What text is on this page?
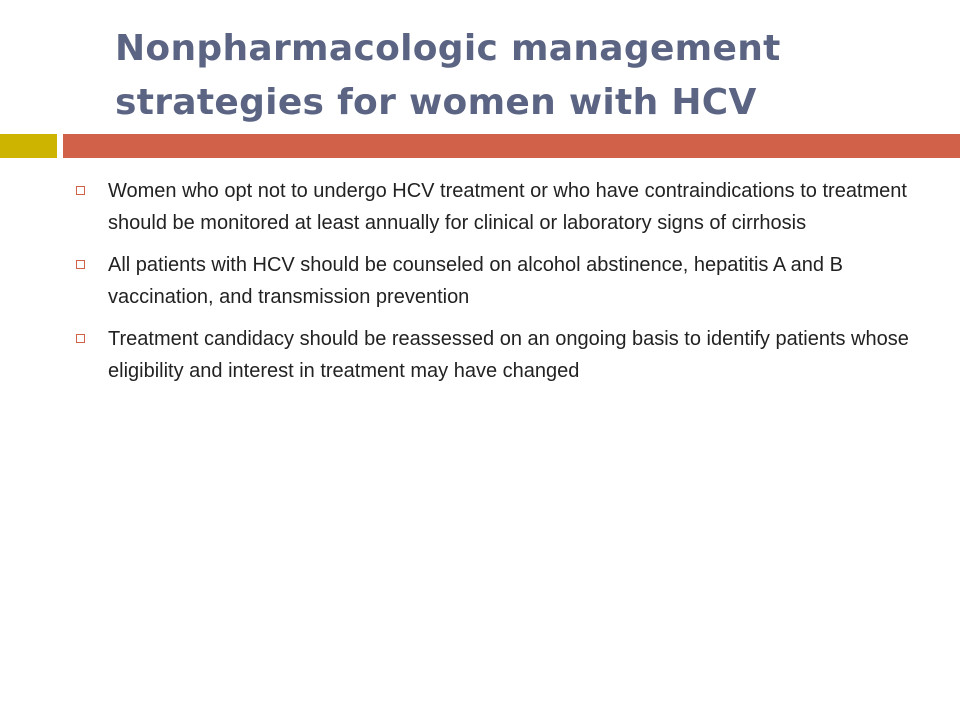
Nonpharmacologic management strategies for women with HCV
Women who opt not to undergo HCV treatment or who have contraindications to treatment should be monitored at least annually for clinical or laboratory signs of cirrhosis
All patients with HCV should be counseled on alcohol abstinence, hepatitis A and B vaccination, and transmission prevention
Treatment candidacy should be reassessed on an ongoing basis to identify patients whose eligibility and interest in treatment may have changed
